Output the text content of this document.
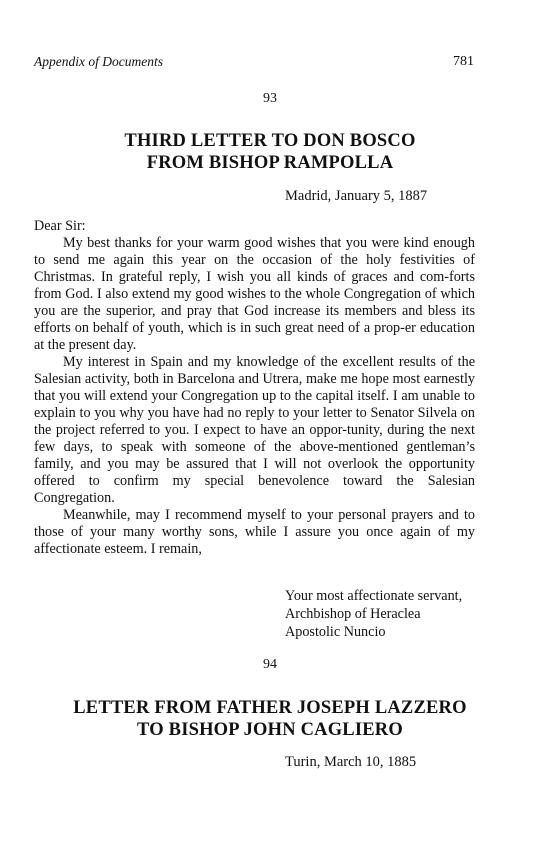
Appendix of Documents	781
93
THIRD LETTER TO DON BOSCO
FROM BISHOP RAMPOLLA
Madrid, January 5, 1887

Dear Sir:

My best thanks for your warm good wishes that you were kind enough to send me again this year on the occasion of the holy festivities of Christmas. In grateful reply, I wish you all kinds of graces and com-forts from God. I also extend my good wishes to the whole Congregation of which you are the superior, and pray that God increase its members and bless its efforts on behalf of youth, which is in such great need of a prop-er education at the present day.

My interest in Spain and my knowledge of the excellent results of the Salesian activity, both in Barcelona and Utrera, make me hope most earnestly that you will extend your Congregation up to the capital itself. I am unable to explain to you why you have had no reply to your letter to Senator Silvela on the project referred to you. I expect to have an oppor-tunity, during the next few days, to speak with someone of the above-mentioned gentleman’s family, and you may be assured that I will not overlook the opportunity offered to confirm my special benevolence toward the Salesian Congregation.

Meanwhile, may I recommend myself to your personal prayers and to those of your many worthy sons, while I assure you once again of my affectionate esteem. I remain,

Your most affectionate servant,
Archbishop of Heraclea
Apostolic Nuncio
94
LETTER FROM FATHER JOSEPH LAZZERO
TO BISHOP JOHN CAGLIERO
Turin, March 10, 1885
